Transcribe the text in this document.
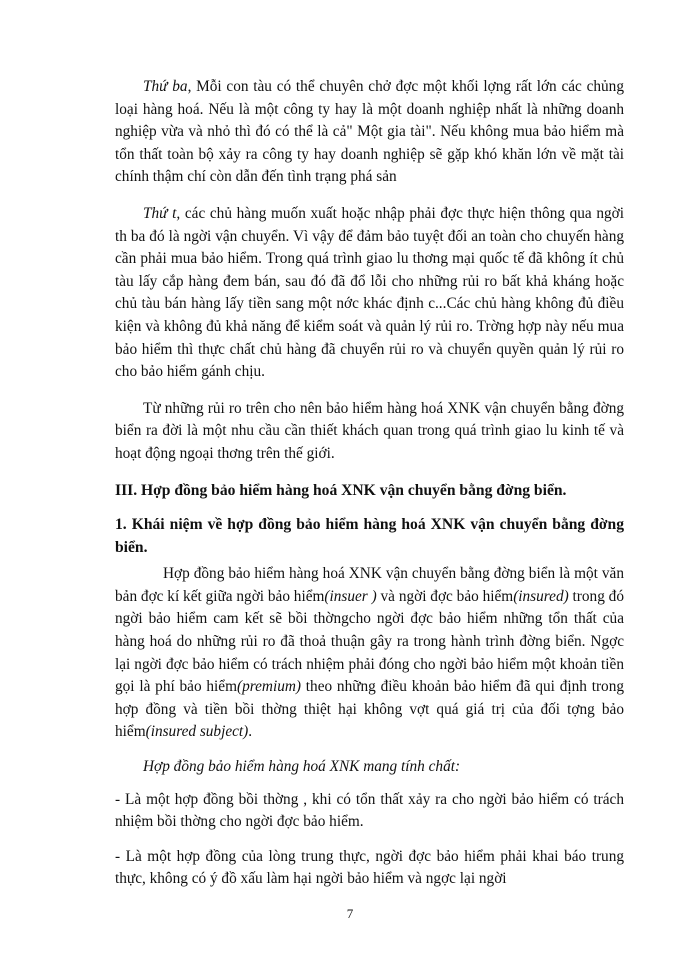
Thứ ba, Mỗi con tàu có thể chuyên chở đợc một khối lợng rất lớn các chủng loại hàng hoá. Nếu là một công ty hay là một doanh nghiệp nhất là những doanh nghiệp vừa và nhỏ thì đó có thể là cả" Một gia tài". Nếu không mua bảo hiểm mà tổn thất toàn bộ xảy ra công ty hay doanh nghiệp sẽ gặp khó khăn lớn về mặt tài chính thậm chí còn dẫn đến tình trạng phá sản

Thứ t, các chủ hàng muốn xuất hoặc nhập phải đợc thực hiện thông qua ngời th ba đó là ngời vận chuyển. Vì vậy để đảm bảo tuyệt đối an toàn cho chuyến hàng cần phải mua bảo hiểm. Trong quá trình giao lu thơng mại quốc tế đã không ít chủ tàu lấy cắp hàng đem bán, sau đó đã đổ lỗi cho những rủi ro bất khả kháng hoặc chủ tàu bán hàng lấy tiền sang một nớc khác định c...Các chủ hàng không đủ điều kiện và không đủ khả năng để kiểm soát và quản lý rủi ro. Trờng hợp này nếu mua bảo hiểm thì thực chất chủ hàng đã chuyển rủi ro và chuyển quyền quản lý rủi ro cho bảo hiểm gánh chịu.

Từ những rủi ro trên cho nên bảo hiểm hàng hoá XNK vận chuyển bằng đờng biển ra đời là một nhu cầu cần thiết khách quan trong quá trình giao lu kinh tế và hoạt động ngoại thơng trên thế giới.

III. Hợp đồng bảo hiểm hàng hoá XNK vận chuyển bằng đờng biển.

1. Khái niệm về hợp đồng bảo hiểm hàng hoá XNK vận chuyển bằng đờng biển.

Hợp đồng bảo hiểm hàng hoá XNK vận chuyển bằng đờng biển là một văn bản đợc kí kết giữa ngời bảo hiểm(insuer ) và ngời đợc bảo hiểm(insured) trong đó ngời bảo hiểm cam kết sẽ bồi thờngcho ngời đợc bảo hiểm những tổn thất của hàng hoá do những rủi ro đã thoả thuận gây ra trong hành trình đờng biển. Ngợc lại ngời đợc bảo hiểm có trách nhiệm phải đóng cho ngời bảo hiểm một khoản tiền gọi là phí bảo hiểm(premium) theo những điều khoản bảo hiểm đã qui định trong hợp đồng và tiền bồi thờng thiệt hại không vợt quá giá trị của đối tợng bảo hiểm(insured subject).

Hợp đồng bảo hiểm hàng hoá XNK mang tính chất:

- Là một hợp đồng bồi thờng , khi có tổn thất xảy ra cho ngời bảo hiểm có trách nhiệm bồi thờng cho ngời đợc bảo hiểm.

- Là một hợp đồng của lòng trung thực, ngời đợc bảo hiểm phải khai báo trung thực, không có ý đồ xấu làm hại ngời bảo hiểm và ngợc lại ngời

7
